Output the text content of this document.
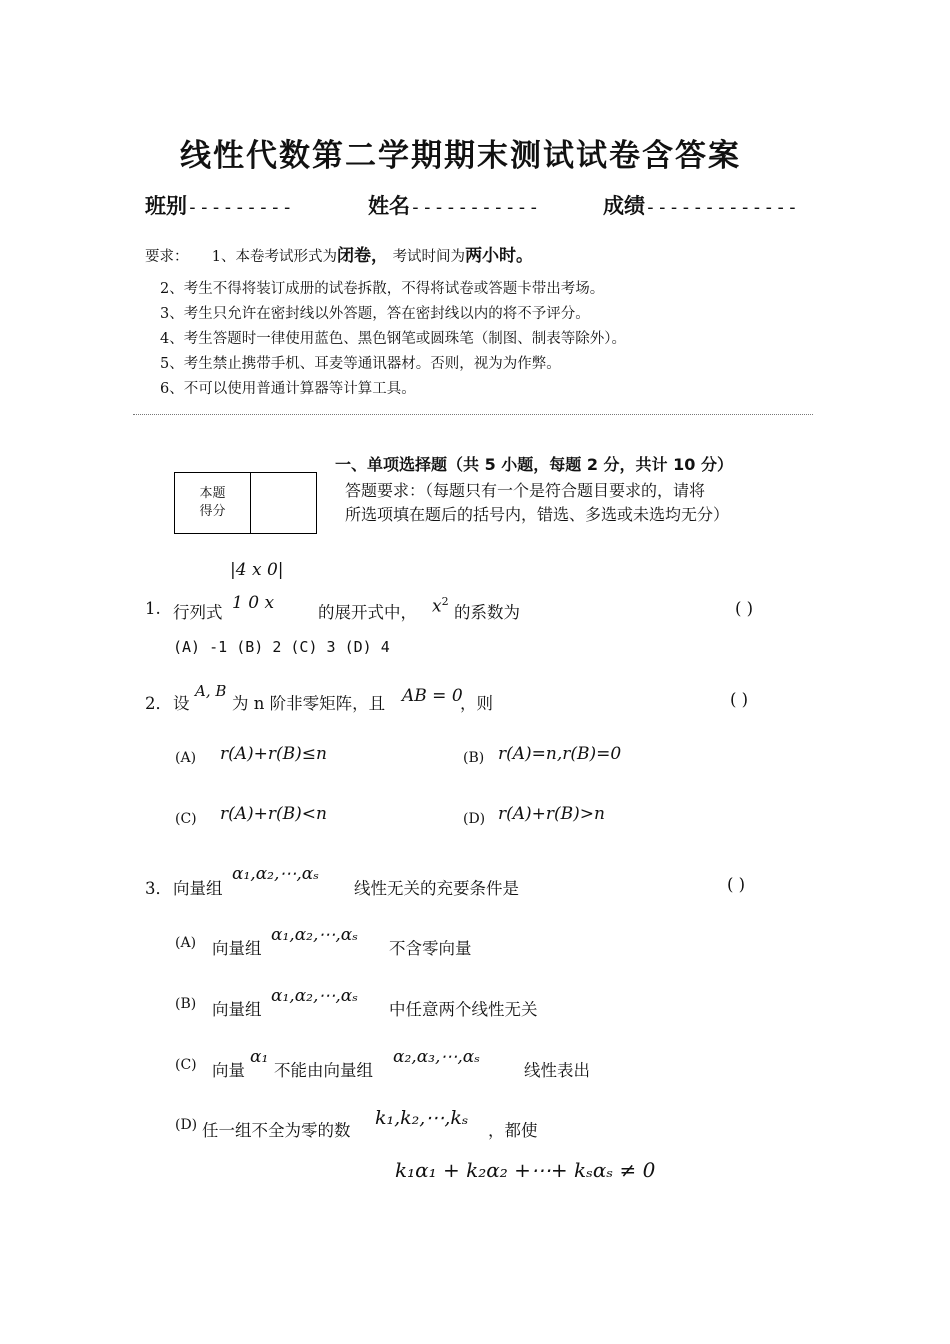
线性代数第二学期期末测试试卷含答案
班别---------	姓名-----------	成绩-------------
要求： 1、本卷考试形式为闭卷， 考试时间为两小时。
2、考生不得将装订成册的试卷拆散，不得将试卷或答题卡带出考场。
3、考生只允许在密封线以外答题，答在密封线以内的将不予评分。
4、考生答题时一律使用蓝色、黑色钢笔或圆珠笔（制图、制表等除外）。
5、考生禁止携带手机、耳麦等通讯器材。否则，视为为作弊。
6、不可以使用普通计算器等计算工具。
本题
得分
一、单项选择题（共 5 小题，每题 2 分，共计 10 分）
答题要求：（每题只有一个是符合题目要求的，请将
所选项填在题后的括号内，错选、多选或未选均无分）
|4 x 0|
1. 行列式 1 0 x	的展开式中， $x^2$
的系数为	( )
(A) -1 (B) 2 (C) 3 (D) 4
2． 设
A, B
为 n 阶非零矩阵，且 AB = 0
，则	( )
(A) r(A)+r(B)≤n	(B) r(A)=n,r(B)=0
(C) r(A)+r(B)<n	(D) r(A)+r(B)>n
3． 向量组
α₁,α₂,⋯,αₛ
线性无关的充要条件是	( )
(A) 向量组
α₁,α₂,⋯,αₛ
不含零向量
(B) 向量组
α₁,α₂,⋯,αₛ
中任意两个线性无关
(C) 向量
α₁
不能由向量组
α₂,α₃,⋯,αₛ
线性表出
(D) 任一组不全为零的数
k₁,k₂,⋯,kₛ
，都使
k₁α₁ + k₂α₂ +⋯+ kₛαₛ ≠ 0
